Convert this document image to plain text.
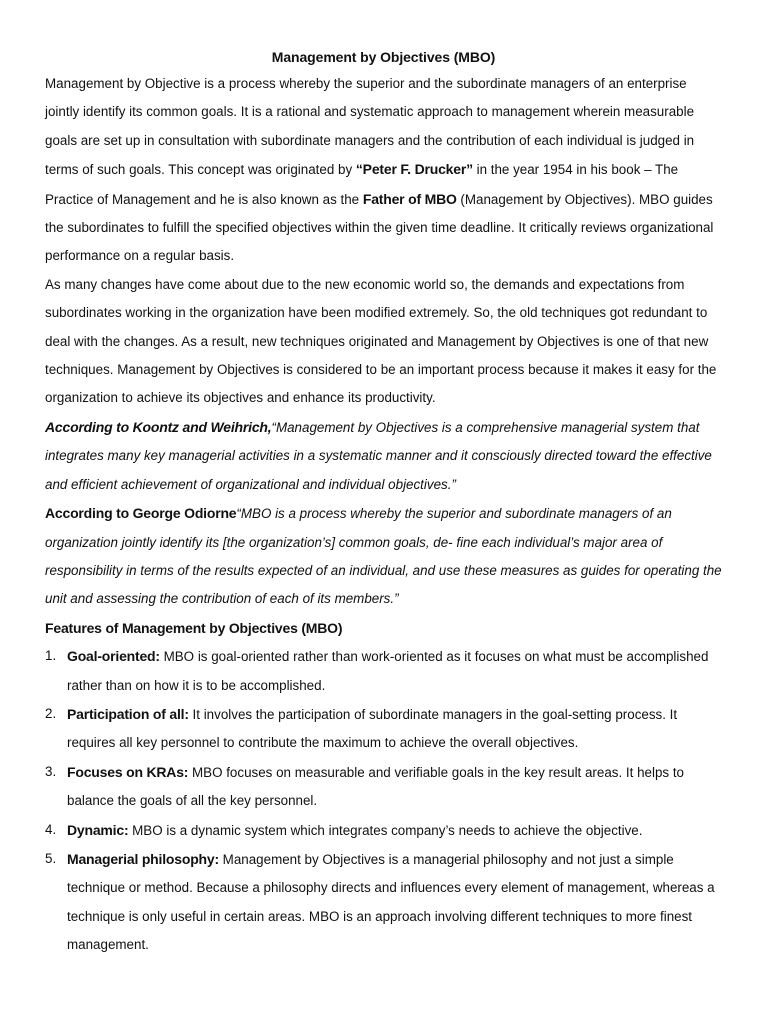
Management by Objectives (MBO)

Management by Objective is a process whereby the superior and the subordinate managers of an enterprise jointly identify its common goals. It is a rational and systematic approach to management wherein measurable goals are set up in consultation with subordinate managers and the contribution of each individual is judged in terms of such goals. This concept was originated by “Peter F. Drucker” in the year 1954 in his book – The Practice of Management and he is also known as the Father of MBO (Management by Objectives). MBO guides the subordinates to fulfill the specified objectives within the given time deadline. It critically reviews organizational performance on a regular basis.

As many changes have come about due to the new economic world so, the demands and expectations from subordinates working in the organization have been modified extremely. So, the old techniques got redundant to deal with the changes. As a result, new techniques originated and Management by Objectives is one of that new techniques. Management by Objectives is considered to be an important process because it makes it easy for the organization to achieve its objectives and enhance its productivity.

According to Koontz and Weihrich,“Management by Objectives is a comprehensive managerial system that integrates many key managerial activities in a systematic manner and it consciously directed toward the effective and efficient achievement of organizational and individual objectives.”

According to George Odiorne“MBO is a process whereby the superior and subordinate managers of an organization jointly identify its [the organization’s] common goals, de- fine each individual’s major area of responsibility in terms of the results expected of an individual, and use these measures as guides for operating the unit and assessing the contribution of each of its members.”

Features of Management by Objectives (MBO)

1. Goal-oriented: MBO is goal-oriented rather than work-oriented as it focuses on what must be accomplished rather than on how it is to be accomplished.
2. Participation of all: It involves the participation of subordinate managers in the goal-setting process. It requires all key personnel to contribute the maximum to achieve the overall objectives.
3. Focuses on KRAs: MBO focuses on measurable and verifiable goals in the key result areas. It helps to balance the goals of all the key personnel.
4. Dynamic: MBO is a dynamic system which integrates company’s needs to achieve the objective.
5. Managerial philosophy: Management by Objectives is a managerial philosophy and not just a simple technique or method. Because a philosophy directs and influences every element of management, whereas a technique is only useful in certain areas. MBO is an approach involving different techniques to more finest management.
